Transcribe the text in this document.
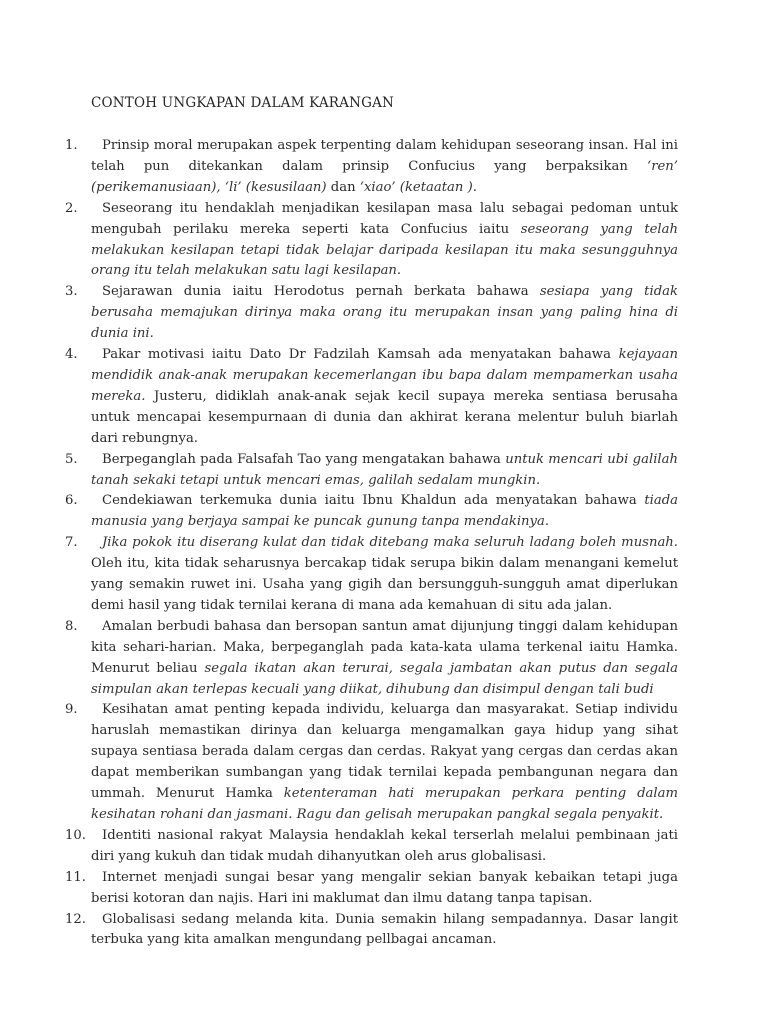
CONTOH UNGKAPAN DALAM KARANGAN
1.	Prinsip moral merupakan aspek terpenting dalam kehidupan seseorang insan. Hal ini telah pun ditekankan dalam prinsip Confucius yang berpaksikan ‘ren’ (perikemanusiaan), ‘li’ (kesusilaan) dan ‘xiao’ (ketaatan ).
2.	Seseorang itu hendaklah menjadikan kesilapan masa lalu sebagai pedoman untuk mengubah perilaku mereka seperti kata Confucius iaitu seseorang yang telah melakukan kesilapan tetapi tidak belajar daripada kesilapan itu maka sesungguhnya orang itu telah melakukan satu lagi kesilapan.
3.	Sejarawan dunia iaitu Herodotus pernah berkata bahawa sesiapa yang tidak berusaha memajukan dirinya maka orang itu merupakan insan yang paling hina di dunia ini.
4.	Pakar motivasi iaitu Dato Dr Fadzilah Kamsah ada menyatakan bahawa kejayaan mendidik anak-anak merupakan kecemerlangan ibu bapa dalam mempamerkan usaha mereka. Justeru, didiklah anak-anak sejak kecil supaya mereka sentiasa berusaha untuk mencapai kesempurnaan di dunia dan akhirat kerana melentur buluh biarlah dari rebungnya.
5.	Berpeganglah pada Falsafah Tao yang mengatakan bahawa untuk mencari ubi galilah tanah sekaki tetapi untuk mencari emas, galilah sedalam mungkin.
6.	Cendekiawan terkemuka dunia iaitu Ibnu Khaldun ada menyatakan bahawa tiada manusia yang berjaya sampai ke puncak gunung tanpa mendakinya.
7.	Jika pokok itu diserang kulat dan tidak ditebang maka seluruh ladang boleh musnah. Oleh itu, kita tidak seharusnya bercakap tidak serupa bikin dalam menangani kemelut yang semakin ruwet ini. Usaha yang gigih dan bersungguh-sungguh amat diperlukan demi hasil yang tidak ternilai kerana di mana ada kemahuan di situ ada jalan.
8.	Amalan berbudi bahasa dan bersopan santun amat dijunjung tinggi dalam kehidupan kita sehari-harian. Maka, berpeganglah pada kata-kata ulama terkenal iaitu Hamka. Menurut beliau segala ikatan akan terurai, segala jambatan akan putus dan segala simpulan akan terlepas kecuali yang diikat, dihubung dan disimpul dengan tali budi
9.	Kesihatan amat penting kepada individu, keluarga dan masyarakat. Setiap individu haruslah memastikan dirinya dan keluarga mengamalkan gaya hidup yang sihat supaya sentiasa berada dalam cergas dan cerdas. Rakyat yang cergas dan cerdas akan dapat memberikan sumbangan yang tidak ternilai kepada pembangunan negara dan ummah. Menurut Hamka ketenteraman hati merupakan perkara penting dalam kesihatan rohani dan jasmani. Ragu dan gelisah merupakan pangkal segala penyakit.
10.	Identiti nasional rakyat Malaysia hendaklah kekal terserlah melalui pembinaan jati diri yang kukuh dan tidak mudah dihanyutkan oleh arus globalisasi.
11.	Internet menjadi sungai besar yang mengalir sekian banyak kebaikan tetapi juga berisi kotoran dan najis. Hari ini maklumat dan ilmu datang tanpa tapisan.
12.	Globalisasi sedang melanda kita. Dunia semakin hilang sempadannya. Dasar langit terbuka yang kita amalkan mengundang pellbagai ancaman.
